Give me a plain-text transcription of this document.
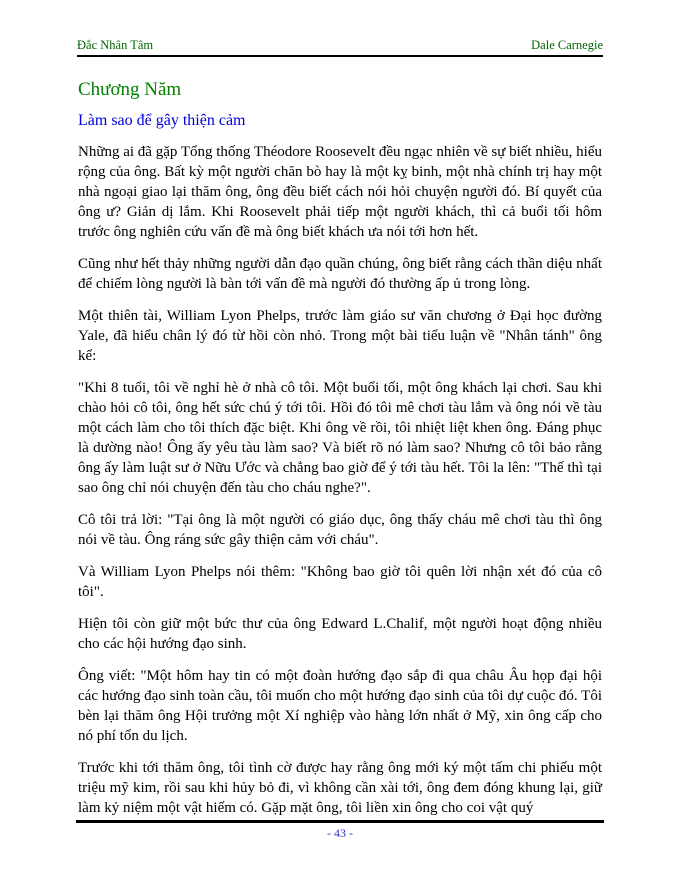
Đắc Nhân Tâm	Dale Carnegie
Chương Năm
Làm sao để gây thiện cảm

Những ai đã gặp Tổng thống Théodore Roosevelt đều ngạc nhiên về sự biết nhiều, hiểu rộng của ông. Bất kỳ một người chăn bò hay là một kỵ binh, một nhà chính trị hay một nhà ngoại giao lại thăm ông, ông đều biết cách nói hỏi chuyện người đó. Bí quyết của ông ư? Giản dị lắm. Khi Roosevelt phải tiếp một người khách, thì cả buổi tối hôm trước ông nghiên cứu vấn đề mà ông biết khách ưa nói tới hơn hết.

Cũng như hết thảy những người dẫn đạo quần chúng, ông biết rằng cách thần diệu nhất để chiếm lòng người là bàn tới vấn đề mà người đó thường ấp ủ trong lòng.

Một thiên tài, William Lyon Phelps, trước làm giáo sư văn chương ở Đại học đường Yale, đã hiểu chân lý đó từ hồi còn nhỏ. Trong một bài tiểu luận về "Nhân tánh" ông kể:

"Khi 8 tuổi, tôi về nghỉ hè ở nhà cô tôi. Một buổi tối, một ông khách lại chơi. Sau khi chào hỏi cô tôi, ông hết sức chú ý tới tôi. Hồi đó tôi mê chơi tàu lắm và ông nói về tàu một cách làm cho tôi thích đặc biệt. Khi ông về rồi, tôi nhiệt liệt khen ông. Đáng phục là dường nào! Ông ấy yêu tàu làm sao? Và biết rõ nó làm sao? Nhưng cô tôi bảo rằng ông ấy làm luật sư ở Nữu Ước và chẳng bao giờ để ý tới tàu hết. Tôi la lên: "Thế thì tại sao ông chỉ nói chuyện đến tàu cho cháu nghe?".

Cô tôi trả lời: "Tại ông là một người có giáo dục, ông thấy cháu mê chơi tàu thì ông nói về tàu. Ông ráng sức gây thiện cảm với cháu".

Và William Lyon Phelps nói thêm: "Không bao giờ tôi quên lời nhận xét đó của cô tôi".

Hiện tôi còn giữ một bức thư của ông Edward L.Chalif, một người hoạt động nhiều cho các hội hướng đạo sinh.

Ông viết: "Một hôm hay tin có một đoàn hướng đạo sắp đi qua châu Âu họp đại hội các hướng đạo sinh toàn cầu, tôi muốn cho một hướng đạo sinh của tôi dự cuộc đó. Tôi bèn lại thăm ông Hội trưởng một Xí nghiệp vào hàng lớn nhất ở Mỹ, xin ông cấp cho nó phí tổn du lịch.

Trước khi tới thăm ông, tôi tình cờ được hay rằng ông mới ký một tấm chi phiếu một triệu mỹ kim, rồi sau khi hủy bỏ đi, vì không cần xài tới, ông đem đóng khung lại, giữ làm kỷ niệm một vật hiếm có. Gặp mặt ông, tôi liền xin ông cho coi vật quý

- 43 -
